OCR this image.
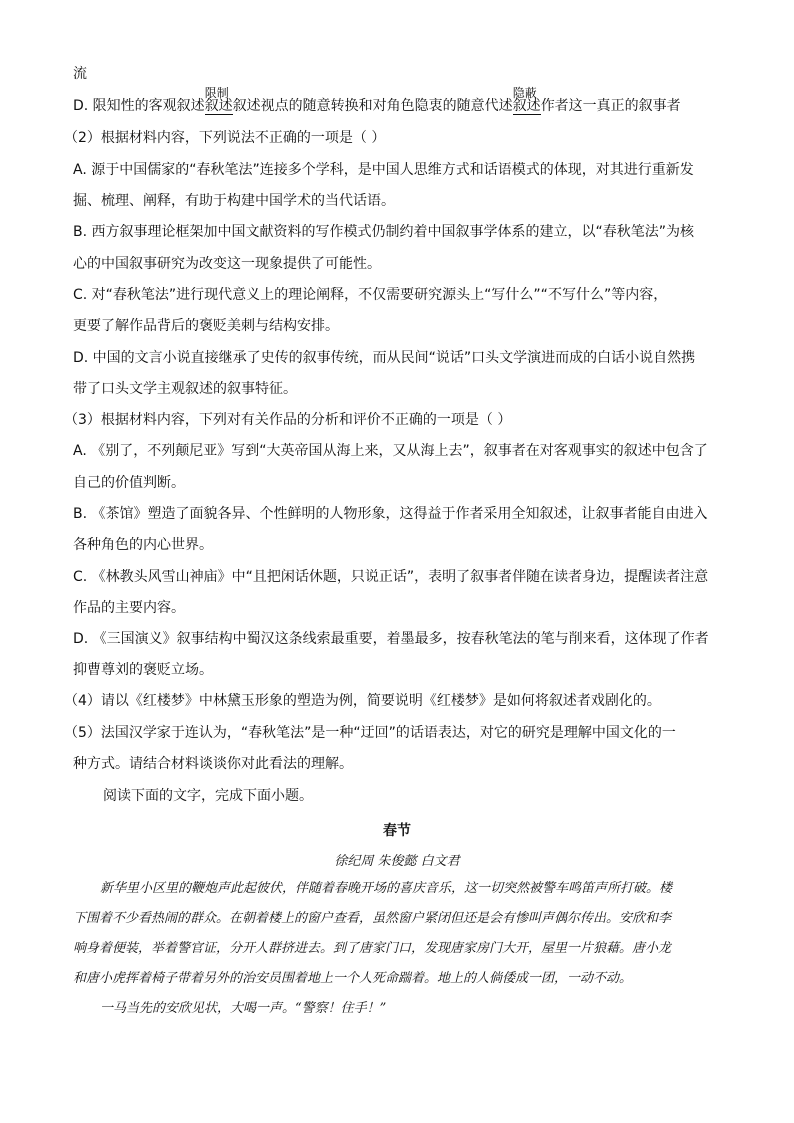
流
D. 限知性的客观叙述
限制
叙述叙述视点的随意转换和对角色隐衷的随意代述
隐蔽
叙述作者这一真正的叙事者
（2）根据材料内容，下列说法不正确的一项是（ ）
A. 源于中国儒家的“春秋笔法”连接多个学科，是中国人思维方式和话语模式的体现，对其进行重新发
掘、梳理、阐释，有助于构建中国学术的当代话语。
B. 西方叙事理论框架加中国文献资料的写作模式仍制约着中国叙事学体系的建立，以“春秋笔法”为核
心的中国叙事研究为改变这一现象提供了可能性。
C. 对“春秋笔法”进行现代意义上的理论阐释，不仅需要研究源头上“写什么”“不写什么”等内容，
更要了解作品背后的褒贬美刺与结构安排。
D. 中国的文言小说直接继承了史传的叙事传统，而从民间“说话”口头文学演进而成的白话小说自然携
带了口头文学主观叙述的叙事特征。
（3）根据材料内容，下列对有关作品的分析和评价不正确的一项是（ ）
A. 《别了，不列颠尼亚》写到“大英帝国从海上来，又从海上去”，叙事者在对客观事实的叙述中包含了
自己的价值判断。
B. 《茶馆》塑造了面貌各异、个性鲜明的人物形象，这得益于作者采用全知叙述，让叙事者能自由进入
各种角色的内心世界。
C. 《林教头风雪山神庙》中“且把闲话休题，只说正话”，表明了叙事者伴随在读者身边，提醒读者注意
作品的主要内容。
D. 《三国演义》叙事结构中蜀汉这条线索最重要，着墨最多，按春秋笔法的笔与削来看，这体现了作者
抑曹尊刘的褒贬立场。
（4）请以《红楼梦》中林黛玉形象的塑造为例，简要说明《红楼梦》是如何将叙述者戏剧化的。
（5）法国汉学家于连认为，“春秋笔法”是一种“迂回”的话语表达，对它的研究是理解中国文化的一
种方式。请结合材料谈谈你对此看法的理解。
阅读下面的文字，完成下面小题。
春节
徐纪周 朱俊懿 白文君

新华里小区里的鞭炮声此起彼伏，伴随着春晚开场的喜庆音乐，这一切突然被警车鸣笛声所打破。楼

下围着不少看热闹的群众。在朝着楼上的窗户查看，虽然窗户紧闭但还是会有惨叫声偶尔传出。安欣和李

响身着便装，举着警官证，分开人群挤进去。到了唐家门口，发现唐家房门大开，屋里一片狼藉。唐小龙

和唐小虎挥着椅子带着另外的治安员围着地上一个人死命踹着。地上的人倘倭成一团，一动不动。

一马当先的安欣见状，大喝一声。“警察！住手！”
